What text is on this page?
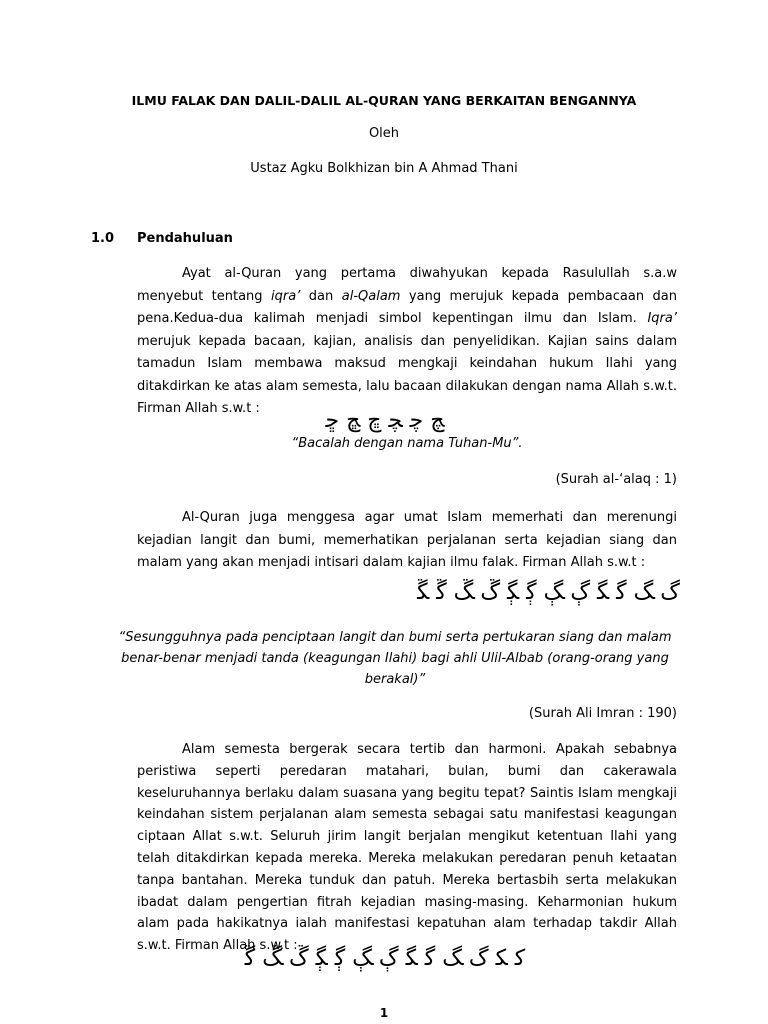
ILMU FALAK DAN DALIL-DALIL AL-QURAN YANG BERKAITAN BENGANNYA
Oleh
Ustaz Agku Bolkhizan bin A Ahmad Thani
1.0 Pendahuluan

Ayat al-Quran yang pertama diwahyukan kepada Rasulullah s.a.w menyebut tentang iqra’ dan al-Qalam yang merujuk kepada pembacaan dan pena.Kedua-dua kalimah menjadi simbol kepentingan ilmu dan Islam. Iqra’ merujuk kepada bacaan, kajian, analisis dan penyelidikan. Kajian sains dalam tamadun Islam membawa maksud mengkaji keindahan hukum Ilahi yang ditakdirkan ke atas alam semesta, lalu bacaan dilakukan dengan nama Allah s.w.t. Firman Allah s.w.t :	ﭻ ﭼ ﭽ ﭾ ﭿ ﮀ
“Bacalah dengan nama Tuhan-Mu”.
(Surah al-‘alaq : 1)

Al-Quran juga menggesa agar umat Islam memerhati dan merenungi kejadian langit dan bumi, memerhatikan perjalanan serta kejadian siang dan malam yang akan menjadi intisari dalam kajian ilmu falak. Firman Allah s.w.t :

ﮒ ﮓ ﮔ ﮕ ﮖ ﮗ ﮘ ﮙ ﮚ ﮛ ﮜ ﮝ
“Sesungguhnya pada penciptaan langit dan bumi serta pertukaran siang dan malam benar-benar menjadi tanda (keagungan Ilahi) bagi ahli Ulil-Albab (orang-orang yang berakal)”
(Surah Ali Imran : 190)

Alam semesta bergerak secara tertib dan harmoni. Apakah sebabnya peristiwa seperti peredaran matahari, bulan, bumi dan cakerawala keseluruhannya berlaku dalam suasana yang begitu tepat? Saintis Islam mengkaji keindahan sistem perjalanan alam semesta sebagai satu manifestasi keagungan ciptaan Allat s.w.t. Seluruh jirim langit berjalan mengikut ketentuan Ilahi yang telah ditakdirkan kepada mereka. Mereka melakukan peredaran penuh ketaatan tanpa bantahan. Mereka tunduk dan patuh. Mereka bertasbih serta melakukan ibadat dalam pengertian fitrah kejadian masing-masing. Keharmonian hukum alam pada hakikatnya ialah manifestasi kepatuhan alam terhadap takdir Allah s.w.t. Firman Allah s.w.t :

ﮐ ﮑ ﮒ ﮓ ﮔ ﮕ ﮖ ﮗ ﮘ ﮙ ﮚ ﮛ ﮜ
1
